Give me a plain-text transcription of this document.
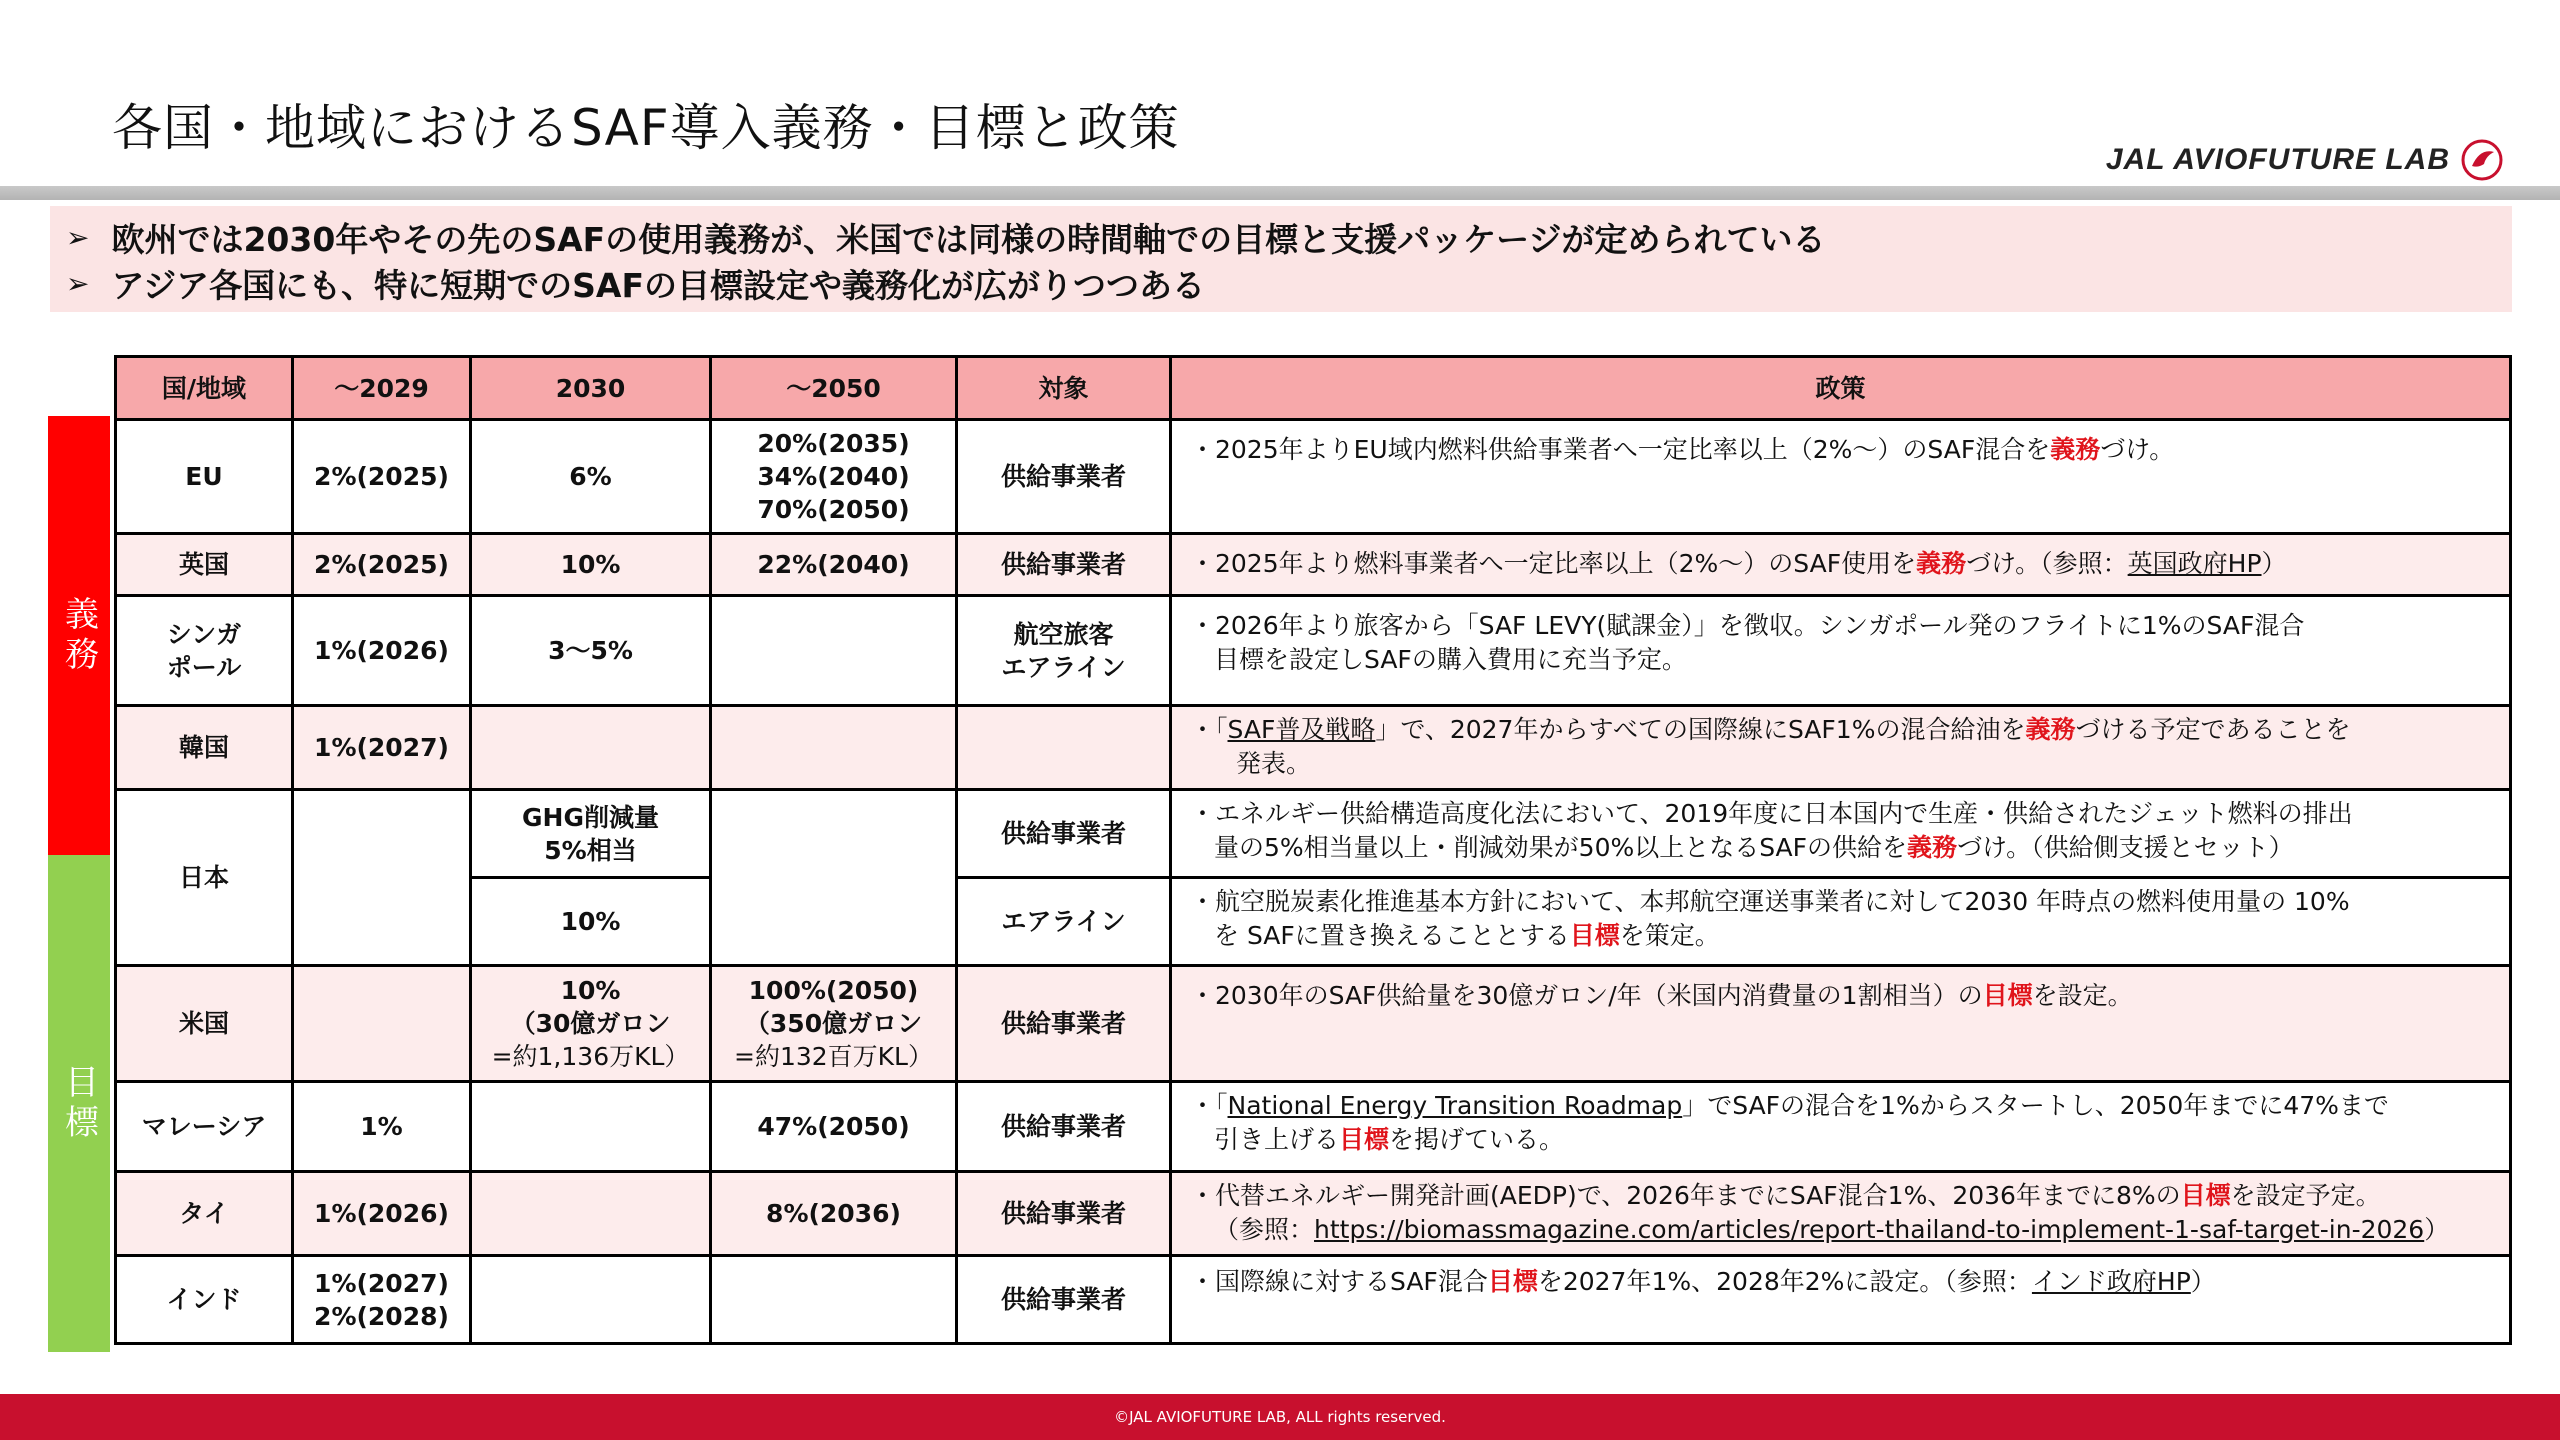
各国・地域におけるSAF導入義務・目標と政策
JAL AVIOFUTURE LAB
➢ 欧州では2030年やその先のSAFの使用義務が、米国では同様の時間軸での目標と支援パッケージが定められている
➢ アジア各国にも、特に短期でのSAFの目標設定や義務化が広がりつつある
義務
目標
国/地域	～2029	2030	～2050	対象	政策
EU	2%(2025)	6%	20%(2035)
34%(2040)
70%(2050)	供給事業者	・2025年よりEU域内燃料供給事業者へ一定比率以上（2%～）のSAF混合を義務づけ。
英国	2%(2025)	10%	22%(2040)	供給事業者	・2025年より燃料事業者へ一定比率以上（2%～）のSAF使用を義務づけ。（参照：英国政府HP）
シンガ
ポール	1%(2026)	3～5%		航空旅客
エアライン	・2026年より旅客から「SAF LEVY(賦課金）」を徴収。シンガポール発のフライトに1%のSAF混合
目標を設定しSAFの購入費用に充当予定。

韓国	1%(2027)				・「SAF普及戦略」で、2027年からすべての国際線にSAF1%の混合給油を義務づける予定であることを
発表。

日本		GHG削減量
5%相当		供給事業者	・エネルギー供給構造高度化法において、2019年度に日本国内で生産・供給されたジェット燃料の排出
量の5%相当量以上・削減効果が50%以上となるSAFの供給を義務づけ。（供給側支援とセット）

		10%		エアライン	・航空脱炭素化推進基本方針において、本邦航空運送事業者に対して2030 年時点の燃料使用量の 10%
を SAFに置き換えることとする目標を策定。

米国		10%
（30億ガロン
=約1,136万KL）	100%(2050)
（350億ガロン
=約132百万KL）	供給事業者	・2030年のSAF供給量を30億ガロン/年（米国内消費量の1割相当）の目標を設定。
マレーシア	1%		47%(2050)	供給事業者	・「National Energy Transition Roadmap」でSAFの混合を1%からスタートし、2050年までに47%まで
引き上げる目標を掲げている。

タイ	1%(2026)		8%(2036)	供給事業者	・代替エネルギー開発計画(AEDP)で、2026年までにSAF混合1%、2036年までに8%の目標を設定予定。
（参照：https://biomassmagazine.com/articles/report-thailand-to-implement-1-saf-target-in-2026）

インド	1%(2027)
2%(2028)			供給事業者	・国際線に対するSAF混合目標を2027年1%、2028年2%に設定。（参照：インド政府HP）
©JAL AVIOFUTURE LAB, ALL rights reserved.
